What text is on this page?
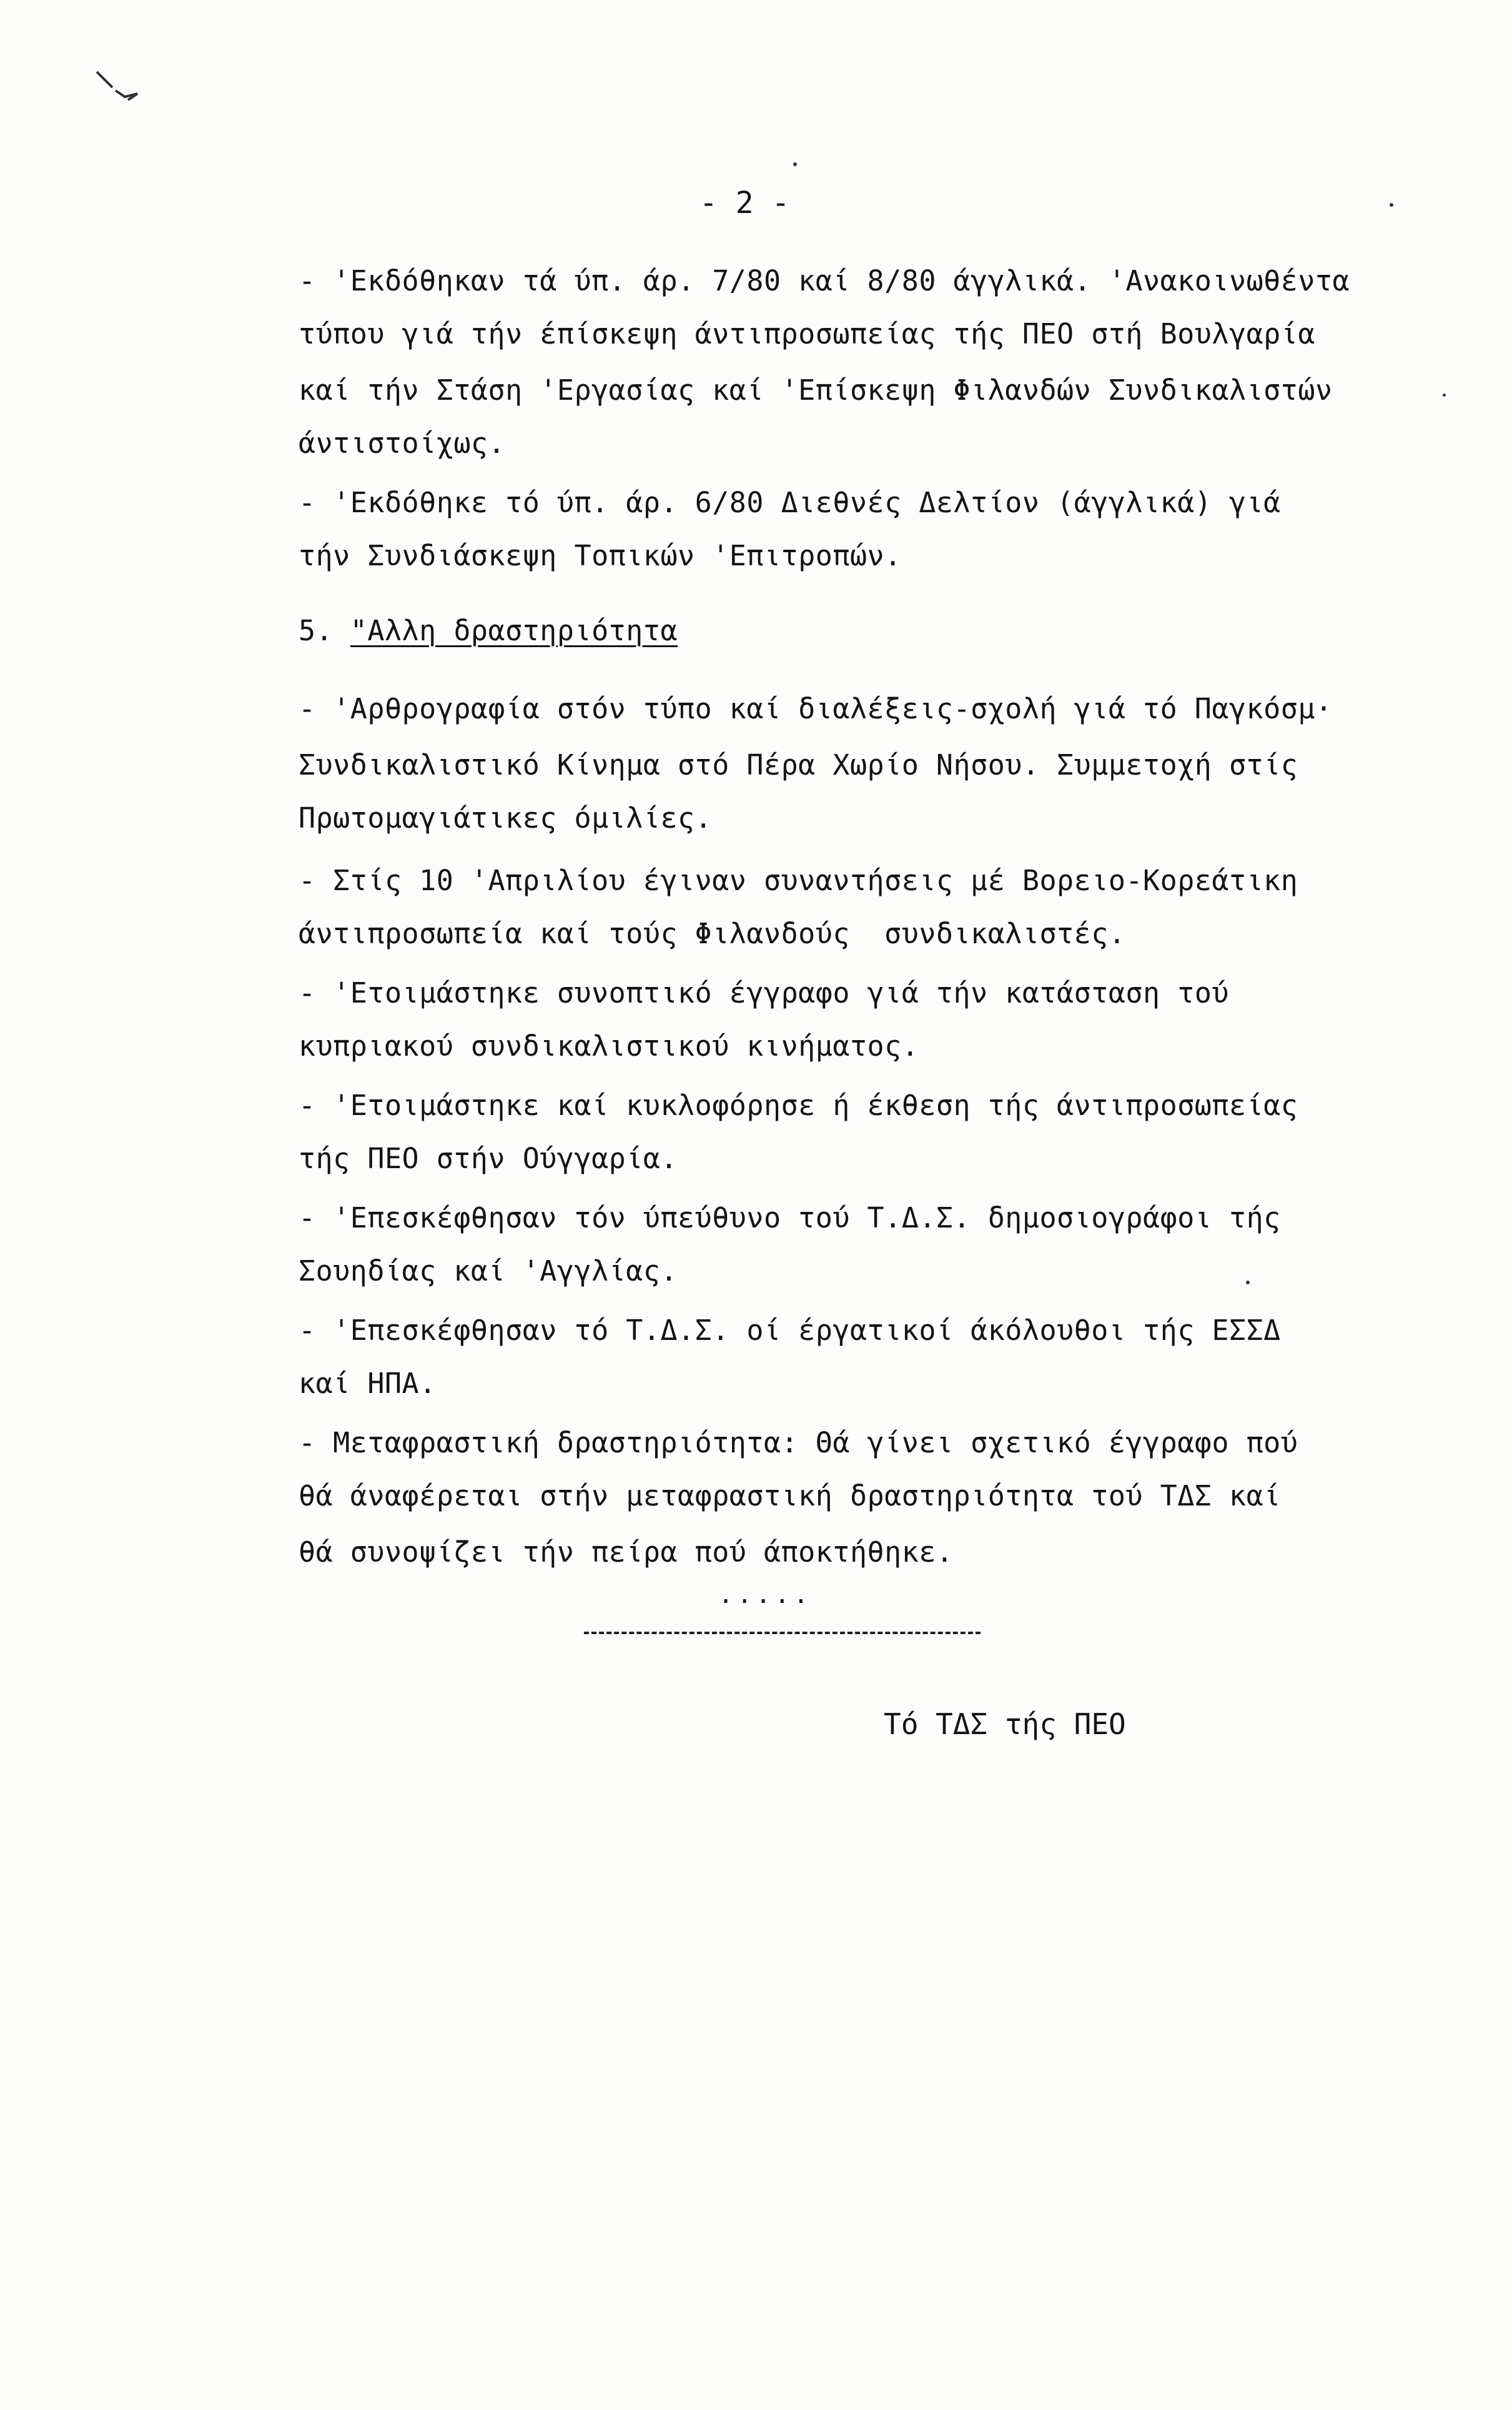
- 2 -
- 'Εκδόθηκαν τά ύπ. άρ. 7/80 καί 8/80 άγγλικά. 'Ανακοινωθέντα
τύπου γιά τήν έπίσκεψη άντιπροσωπείας τής ΠΕΟ στή Βουλγαρία
καί τήν Στάση 'Εργασίας καί 'Επίσκεψη Φιλανδών Συνδικαλιστών
άντιστοίχως.
- 'Εκδόθηκε τό ύπ. άρ. 6/80 Διεθνές Δελτίον (άγγλικά) γιά
τήν Συνδιάσκεψη Τοπικών 'Επιτροπών.
5. "Αλλη δραστηριότητα
- 'Αρθρογραφία στόν τύπο καί διαλέξεις-σχολή γιά τό Παγκόσμ·
Συνδικαλιστικό Κίνημα στό Πέρα Χωρίο Νήσου. Συμμετοχή στίς
Πρωτομαγιάτικες όμιλίες.
- Στίς 10 'Απριλίου έγιναν συναντήσεις μέ Βορειο-Κορεάτικη
άντιπροσωπεία καί τούς Φιλανδούς  συνδικαλιστές.
- 'Ετοιμάστηκε συνοπτικό έγγραφο γιά τήν κατάσταση τού
κυπριακού συνδικαλιστικού κινήματος.
- 'Ετοιμάστηκε καί κυκλοφόρησε ή έκθεση τής άντιπροσωπείας
τής ΠΕΟ στήν Ούγγαρία.
- 'Επεσκέφθησαν τόν ύπεύθυνο τού Τ.Δ.Σ. δημοσιογράφοι τής
Σουηδίας καί 'Αγγλίας.
- 'Επεσκέφθησαν τό Τ.Δ.Σ. οί έργατικοί άκόλουθοι τής ΕΣΣΔ
καί ΗΠΑ.
- Μεταφραστική δραστηριότητα: Θά γίνει σχετικό έγγραφο πού
θά άναφέρεται στήν μεταφραστική δραστηριότητα τού ΤΔΣ καί
θά συνοψίζει τήν πείρα πού άποκτήθηκε.
.....
Τό ΤΔΣ τής ΠΕΟ
